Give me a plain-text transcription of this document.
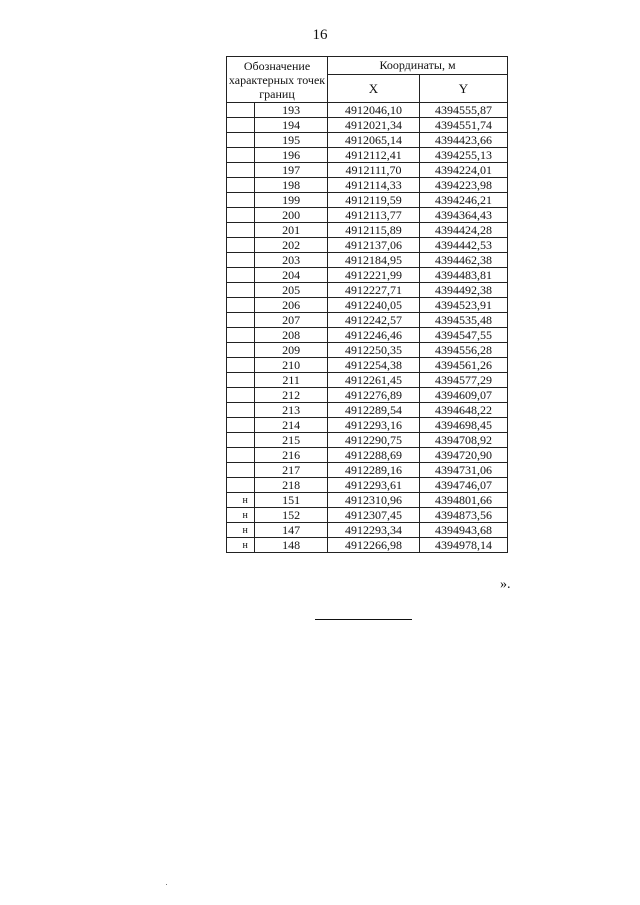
16
Обозначение характерных точек границ		Координаты, м	
		X	Y
	193	4912046,10	4394555,87
	194	4912021,34	4394551,74
	195	4912065,14	4394423,66
	196	4912112,41	4394255,13
	197	4912111,70	4394224,01
	198	4912114,33	4394223,98
	199	4912119,59	4394246,21
	200	4912113,77	4394364,43
	201	4912115,89	4394424,28
	202	4912137,06	4394442,53
	203	4912184,95	4394462,38
	204	4912221,99	4394483,81
	205	4912227,71	4394492,38
	206	4912240,05	4394523,91
	207	4912242,57	4394535,48
	208	4912246,46	4394547,55
	209	4912250,35	4394556,28
	210	4912254,38	4394561,26
	211	4912261,45	4394577,29
	212	4912276,89	4394609,07
	213	4912289,54	4394648,22
	214	4912293,16	4394698,45
	215	4912290,75	4394708,92
	216	4912288,69	4394720,90
	217	4912289,16	4394731,06
	218	4912293,61	4394746,07
н	151	4912310,96	4394801,66
н	152	4912307,45	4394873,56
н	147	4912293,34	4394943,68
н	148	4912266,98	4394978,14
».
